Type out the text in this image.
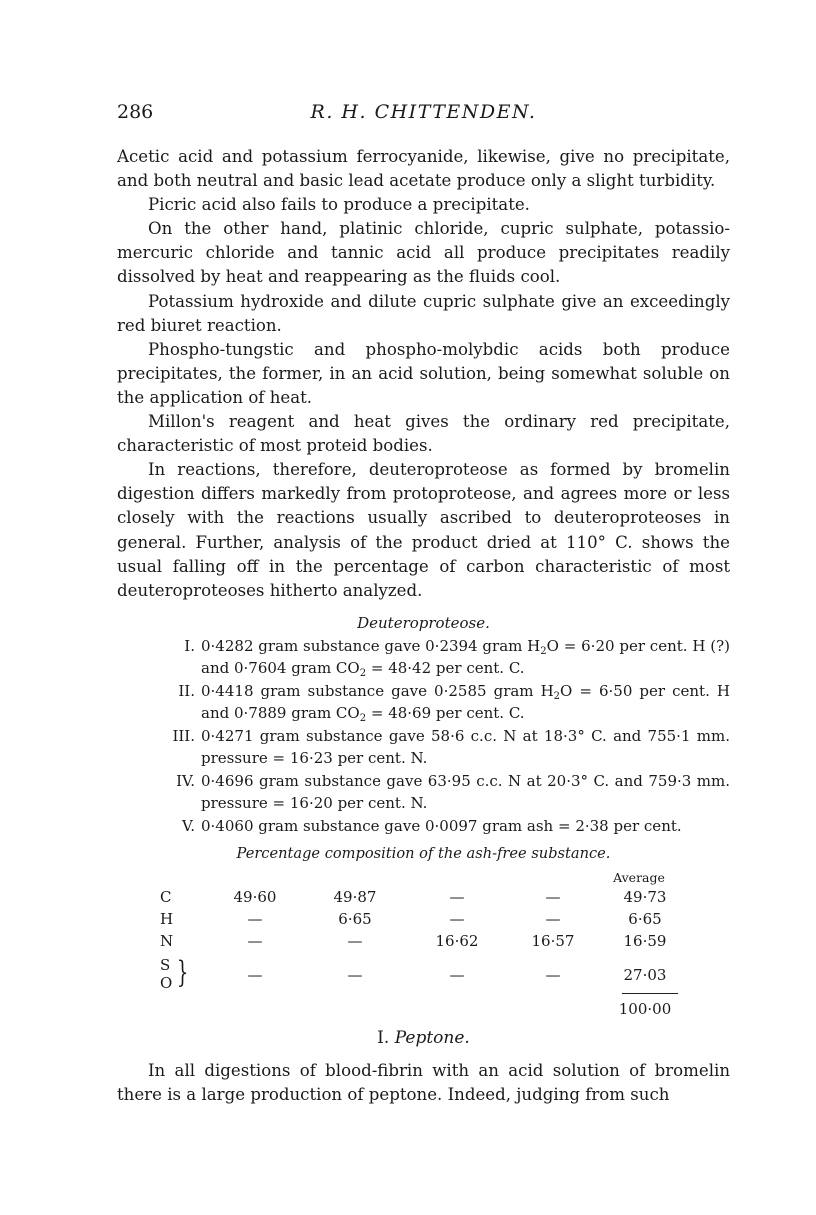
286	R. H. CHITTENDEN.

Acetic acid and potassium ferrocyanide, likewise, give no precipitate, and both neutral and basic lead acetate produce only a slight turbidity.

Picric acid also fails to produce a precipitate.

On the other hand, platinic chloride, cupric sulphate, potassio-mercuric chloride and tannic acid all produce precipitates readily dissolved by heat and reappearing as the fluids cool.

Potassium hydroxide and dilute cupric sulphate give an exceedingly red biuret reaction.

Phospho-tungstic and phospho-molybdic acids both produce precipitates, the former, in an acid solution, being somewhat soluble on the application of heat.

Millon's reagent and heat gives the ordinary red precipitate, characteristic of most proteid bodies.

In reactions, therefore, deuteroproteose as formed by bromelin digestion differs markedly from protoproteose, and agrees more or less closely with the reactions usually ascribed to deuteroproteoses in general. Further, analysis of the product dried at 110° C. shows the usual falling off in the percentage of carbon characteristic of most deuteroproteoses hitherto analyzed.

Deuteroproteose.
I. 0·4282 gram substance gave 0·2394 gram $H_2O = 6\cdot 20$ per cent. H (?) and 0·7604 gram $CO_2 = 48\cdot 42$ per cent. C.
II. 0·4418 gram substance gave 0·2585 gram $H_2O = 6\cdot 50$ per cent. H and 0·7889 gram $CO_2 = 48\cdot 69$ per cent. C.
III. 0·4271 gram substance gave 58·6 c.c. N at 18·3° C. and 755·1 mm. pressure = 16·23 per cent. N.
IV. 0·4696 gram substance gave 63·95 c.c. N at 20·3° C. and 759·3 mm. pressure = 16·20 per cent. N.
V. 0·4060 gram substance gave 0·0097 gram ash = 2·38 per cent.
Percentage composition of the ash-free substance.
Average
C	49·60	49·87	—	—	49·73
H	—	6·65	—	—	6·65
N	—	—	16·62	16·57	16·59
S
O }	—	—	—	—	27·03
100·00
I. Peptone.

In all digestions of blood-fibrin with an acid solution of bromelin there is a large production of peptone. Indeed, judging from such
